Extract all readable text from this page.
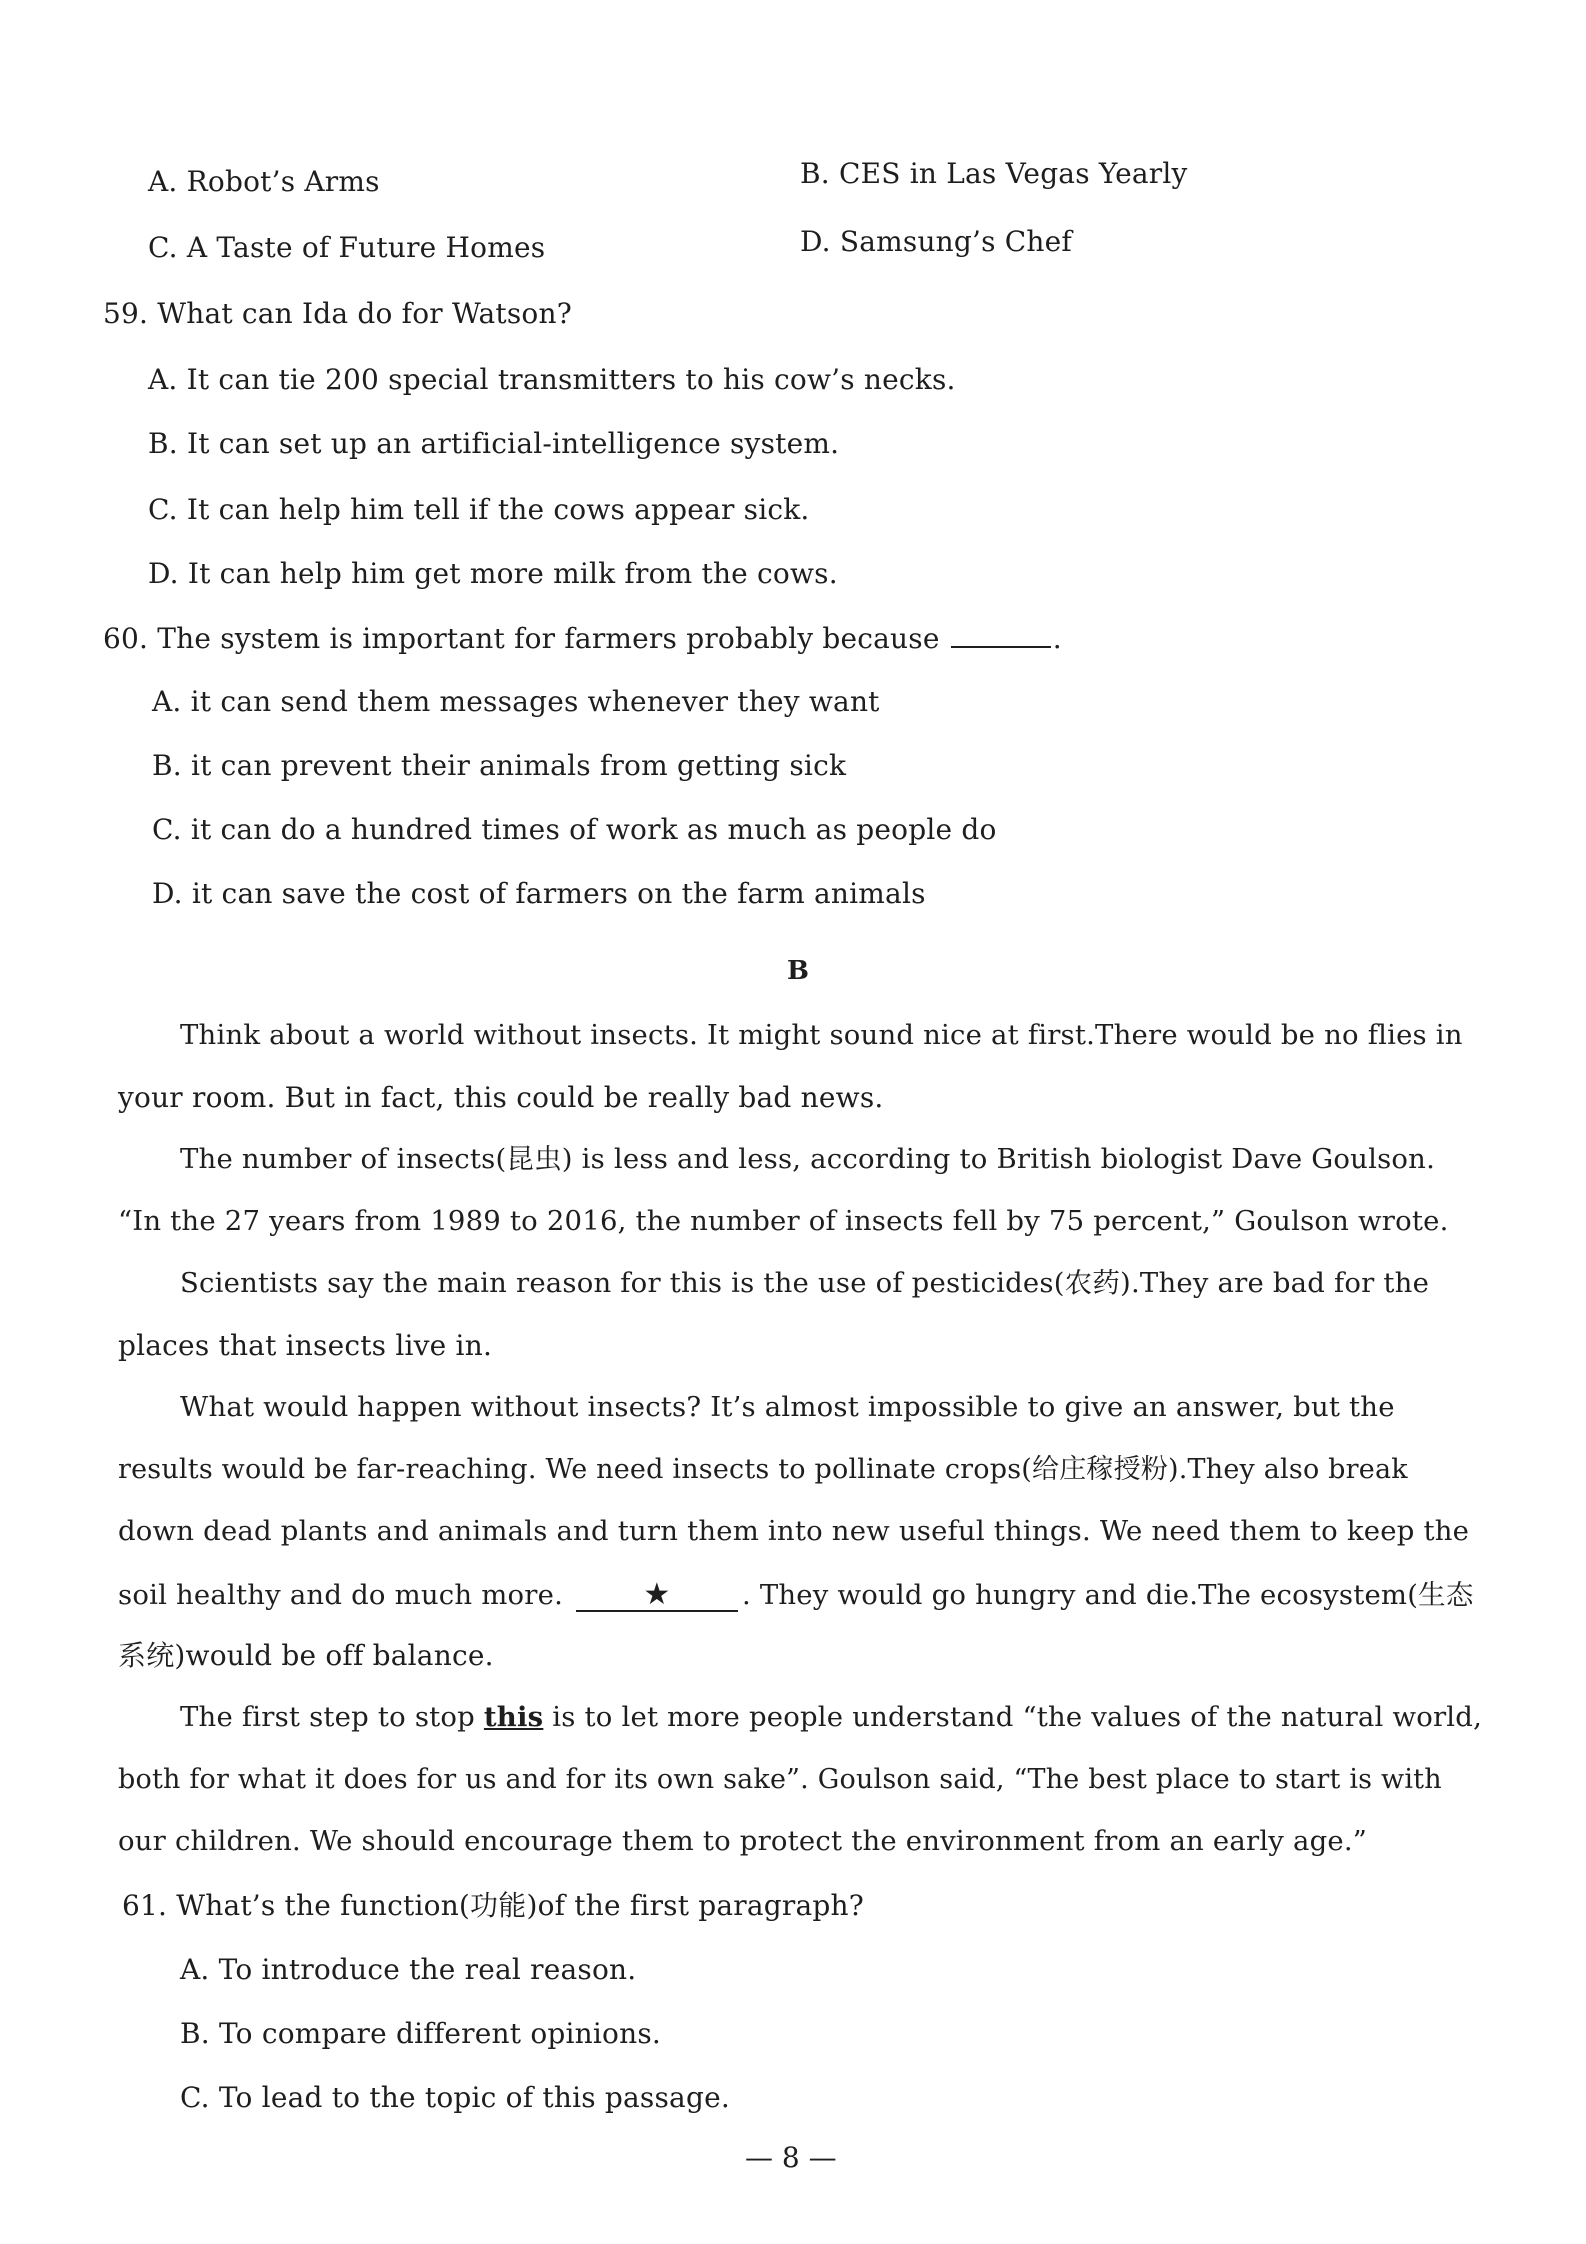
A. Robot’s Arms	B. CES in Las Vegas Yearly
C. A Taste of Future Homes	D. Samsung’s Chef
59. What can Ida do for Watson?
A. It can tie 200 special transmitters to his cow’s necks.
B. It can set up an artificial-intelligence system.
C. It can help him tell if the cows appear sick.
D. It can help him get more milk from the cows.
60. The system is important for farmers probably because	.
A. it can send them messages whenever they want
B. it can prevent their animals from getting sick
C. it can do a hundred times of work as much as people do
D. it can save the cost of farmers on the farm animals
B
Think about a world without insects. It might sound nice at first.There would be no flies in
your room. But in fact, this could be really bad news.
The number of insects(昆虫) is less and less, according to British biologist Dave Goulson.
“In the 27 years from 1989 to 2016, the number of insects fell by 75 percent,” Goulson wrote.
Scientists say the main reason for this is the use of pesticides(农药).They are bad for the
places that insects live in.
What would happen without insects? It’s almost impossible to give an answer, but the
results would be far-reaching. We need insects to pollinate crops(给庄稼授粉).They also break
down dead plants and animals and turn them into new useful things. We need them to keep the
soil healthy and do much more.	★	. They would go hungry and die.The ecosystem(生态
系统)would be off balance.
The first step to stop this is to let more people understand “the values of the natural world,
both for what it does for us and for its own sake”. Goulson said, “The best place to start is with
our children. We should encourage them to protect the environment from an early age.”
61. What’s the function(功能)of the first paragraph?
A. To introduce the real reason.
B. To compare different opinions.
C. To lead to the topic of this passage.
— 8 —
